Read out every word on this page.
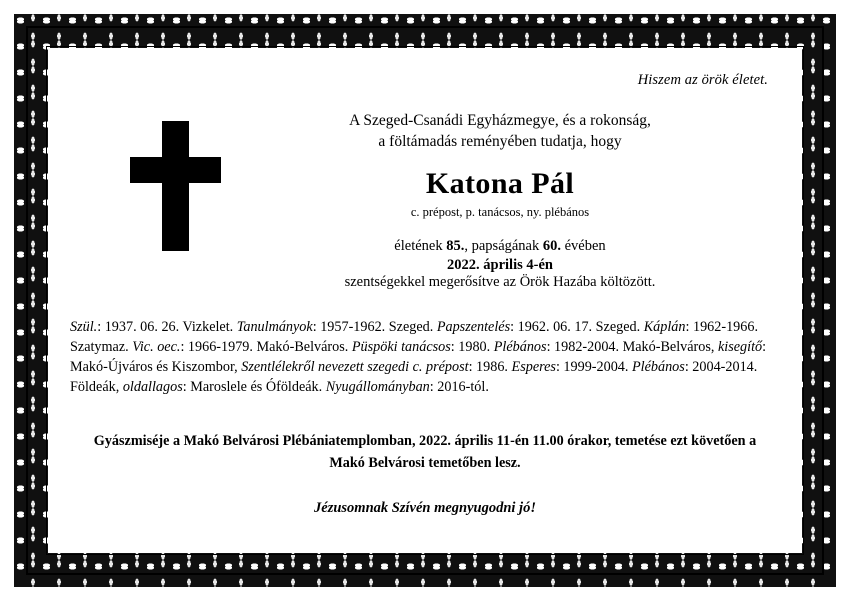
Hiszem az örök életet.
A Szeged-Csanádi Egyházmegye, és a rokonság,
a föltámadás reményében tudatja, hogy
Katona Pál
c. prépost, p. tanácsos, ny. plébános
életének 85., papságának 60. évében
2022. április 4-én
szentségekkel megerősítve az Örök Hazába költözött.
Szül.: 1937. 06. 26. Vizkelet. Tanulmányok: 1957-1962. Szeged. Papszentelés: 1962. 06. 17. Szeged. Káplán: 1962-1966. Szatymaz. Vic. oec.: 1966-1979. Makó-Belváros. Püspöki tanácsos: 1980. Plébános: 1982-2004. Makó-Belváros, kisegítő: Makó-Újváros és Kiszombor, Szentlélekről nevezett szegedi c. prépost: 1986. Esperes: 1999-2004. Plébános: 2004-2014. Földeák, oldallagos: Maroslele és Óföldeák. Nyugállományban: 2016-tól.
Gyászmiséje a Makó Belvárosi Plébániatemplomban, 2022. április 11-én 11.00 órakor, temetése ezt követően a
Makó Belvárosi temetőben lesz.
Jézusomnak Szívén megnyugodni jó!
